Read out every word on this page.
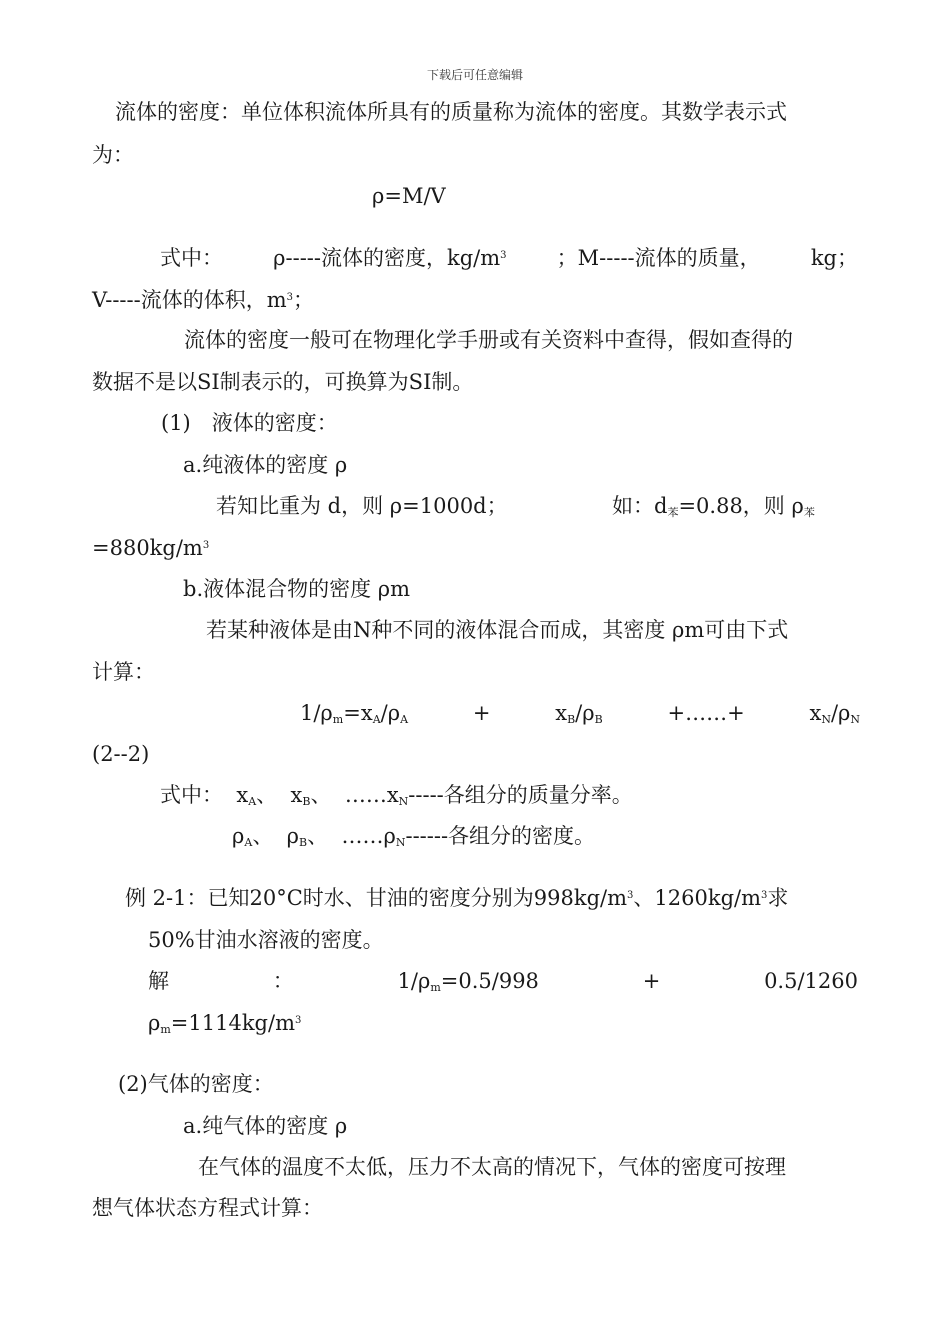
下载后可任意编辑
流体的密度：单位体积流体所具有的质量称为流体的密度。其数学表示式
为：
ρ=M/V
式中： ρ-----流体的密度，$kg/m^3$ ；M-----流体的质量， kg；
V-----流体的体积，$m^3$；
流体的密度一般可在物理化学手册或有关资料中查得，假如查得的
数据不是以SI制表示的，可换算为SI制。
(1)　液体的密度：
a.纯液体的密度 ρ
若知比重为 d，则 ρ=1000d；	如：$d_苯=0.88$，则 $\rho_苯$
$=880kg/m^3$
b.液体混合物的密度 ρm
若某种液体是由N种不同的液体混合而成，其密度 ρm可由下式
计算：
$1/\rho_m=x_A/\rho_A$	+	$x_B/\rho_B$	+……+	$x_N/\rho_N$
(2--2)
式中： $x_A$、 $x_B$、 $\dots\dots x_N-----$各组分的质量分率。
$\rho_A$、 $\rho_B$、 $\dots\dots\rho_N------$各组分的密度。
例 2-1：已知20°C时水、甘油的密度分别为$998kg/m^3$、$1260kg/m^3$求
50%甘油水溶液的密度。
解	：	$1/\rho_m=0.5/998$	+	0.5/1260
$\rho_m=1114kg/m^3$
(2)气体的密度：
a.纯气体的密度 ρ
在气体的温度不太低，压力不太高的情况下，气体的密度可按理
想气体状态方程式计算：
